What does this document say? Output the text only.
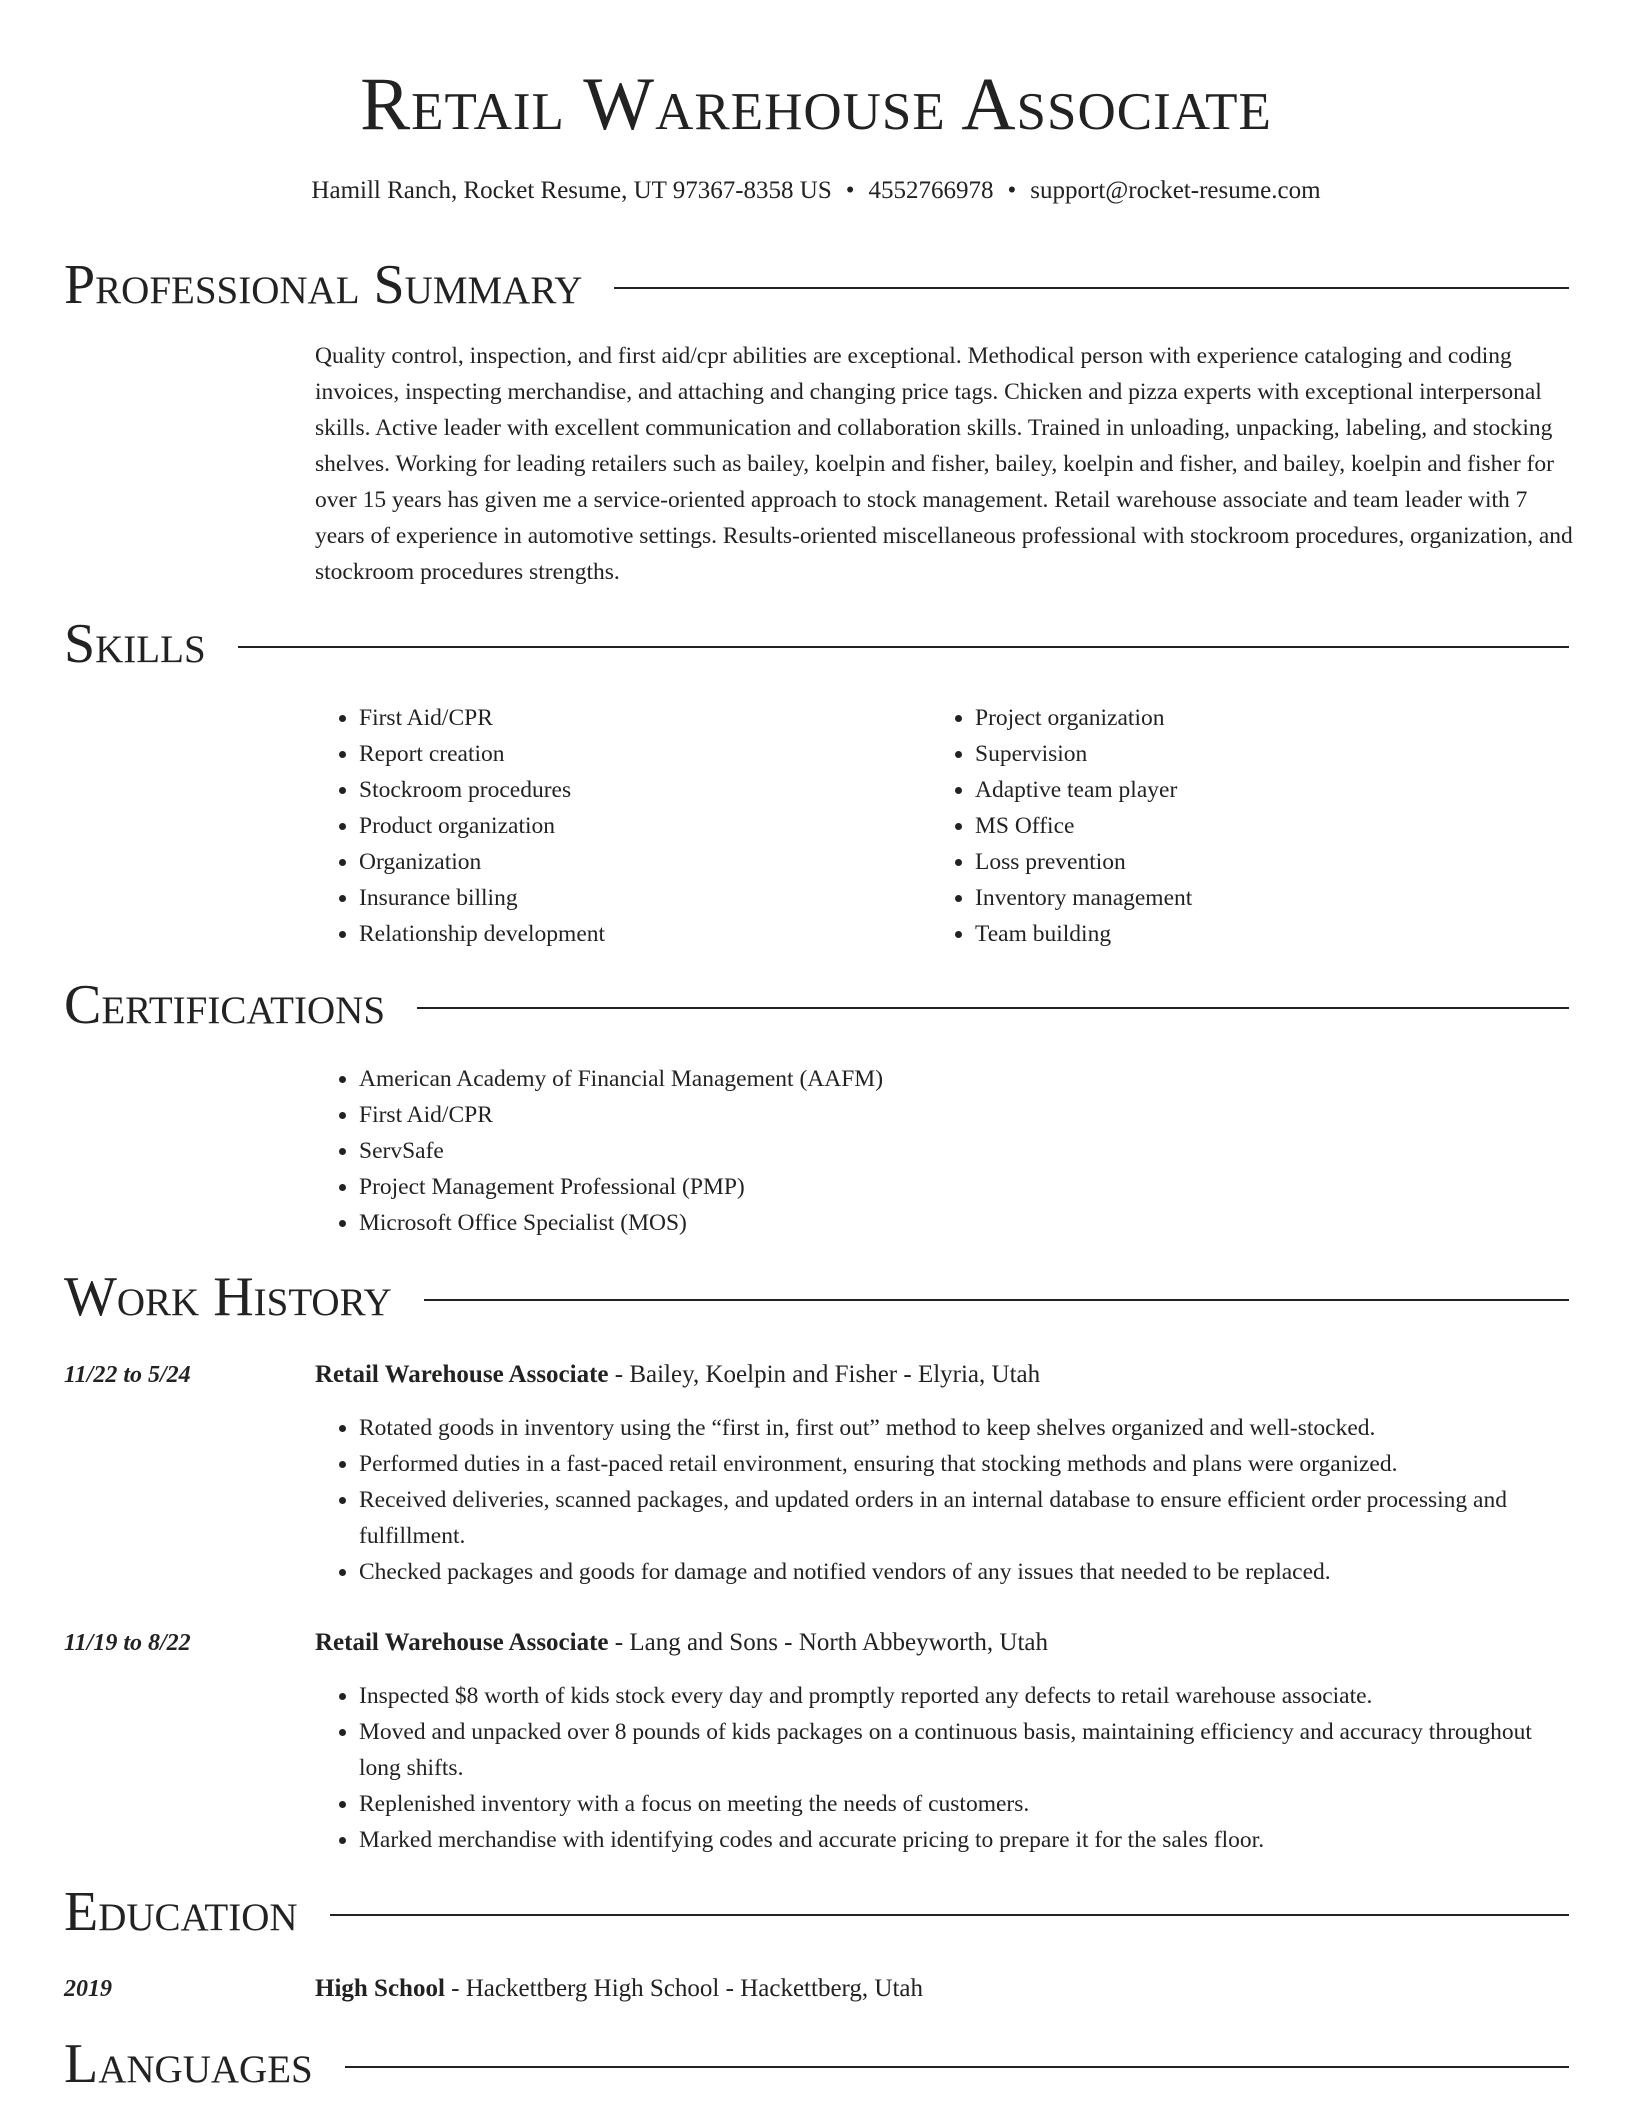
Retail Warehouse Associate
Hamill Ranch, Rocket Resume, UT 97367-8358 US • 4552766978 • support@rocket-resume.com
Professional Summary

Quality control, inspection, and first aid/cpr abilities are exceptional. Methodical person with experience cataloging and coding invoices, inspecting merchandise, and attaching and changing price tags. Chicken and pizza experts with exceptional interpersonal skills. Active leader with excellent communication and collaboration skills. Trained in unloading, unpacking, labeling, and stocking shelves. Working for leading retailers such as bailey, koelpin and fisher, bailey, koelpin and fisher, and bailey, koelpin and fisher for over 15 years has given me a service-oriented approach to stock management. Retail warehouse associate and team leader with 7 years of experience in automotive settings. Results-oriented miscellaneous professional with stockroom procedures, organization, and stockroom procedures strengths.

Skills
• First Aid/CPR
• Report creation
• Stockroom procedures
• Product organization
• Organization
• Insurance billing
• Relationship development
• Project organization
• Supervision
• Adaptive team player
• MS Office
• Loss prevention
• Inventory management
• Team building
Certifications
• American Academy of Financial Management (AAFM)
• First Aid/CPR
• ServSafe
• Project Management Professional (PMP)
• Microsoft Office Specialist (MOS)
Work History
11/22 to 5/24	Retail Warehouse Associate - Bailey, Koelpin and Fisher - Elyria, Utah
• Rotated goods in inventory using the “first in, first out” method to keep shelves organized and well-stocked.
• Performed duties in a fast-paced retail environment, ensuring that stocking methods and plans were organized.
• Received deliveries, scanned packages, and updated orders in an internal database to ensure efficient order processing and fulfillment.
• Checked packages and goods for damage and notified vendors of any issues that needed to be replaced.
11/19 to 8/22	Retail Warehouse Associate - Lang and Sons - North Abbeyworth, Utah
• Inspected $8 worth of kids stock every day and promptly reported any defects to retail warehouse associate.
• Moved and unpacked over 8 pounds of kids packages on a continuous basis, maintaining efficiency and accuracy throughout long shifts.
• Replenished inventory with a focus on meeting the needs of customers.
• Marked merchandise with identifying codes and accurate pricing to prepare it for the sales floor.
Education
2019	High School - Hackettberg High School - Hackettberg, Utah
Languages
